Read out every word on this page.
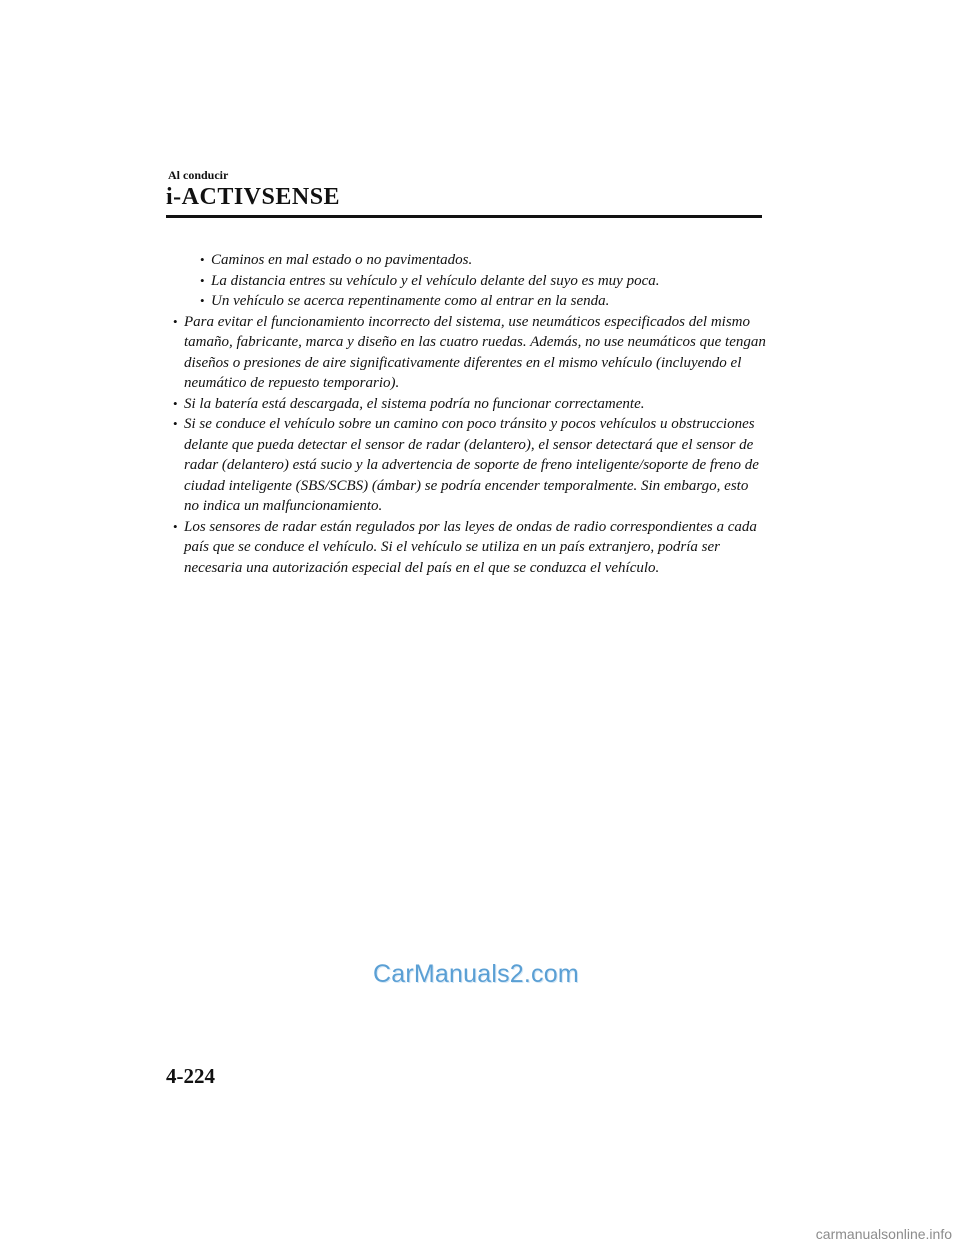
Al conducir
i-ACTIVSENSE
• Caminos en mal estado o no pavimentados.
• La distancia entres su vehículo y el vehículo delante del suyo es muy poca.
• Un vehículo se acerca repentinamente como al entrar en la senda.
• Para evitar el funcionamiento incorrecto del sistema, use neumáticos especificados del mismo tamaño, fabricante, marca y diseño en las cuatro ruedas. Además, no use neumáticos que tengan diseños o presiones de aire significativamente diferentes en el mismo vehículo (incluyendo el neumático de repuesto temporario).
• Si la batería está descargada, el sistema podría no funcionar correctamente.
• Si se conduce el vehículo sobre un camino con poco tránsito y pocos vehículos u obstrucciones delante que pueda detectar el sensor de radar (delantero), el sensor detectará que el sensor de radar (delantero) está sucio y la advertencia de soporte de freno inteligente/soporte de freno de ciudad inteligente (SBS/SCBS) (ámbar) se podría encender temporalmente. Sin embargo, esto no indica un malfuncionamiento.
• Los sensores de radar están regulados por las leyes de ondas de radio correspondientes a cada país que se conduce el vehículo. Si el vehículo se utiliza en un país extranjero, podría ser necesaria una autorización especial del país en el que se conduzca el vehículo.
CarManuals2.com
4-224
carmanualsonline.info
